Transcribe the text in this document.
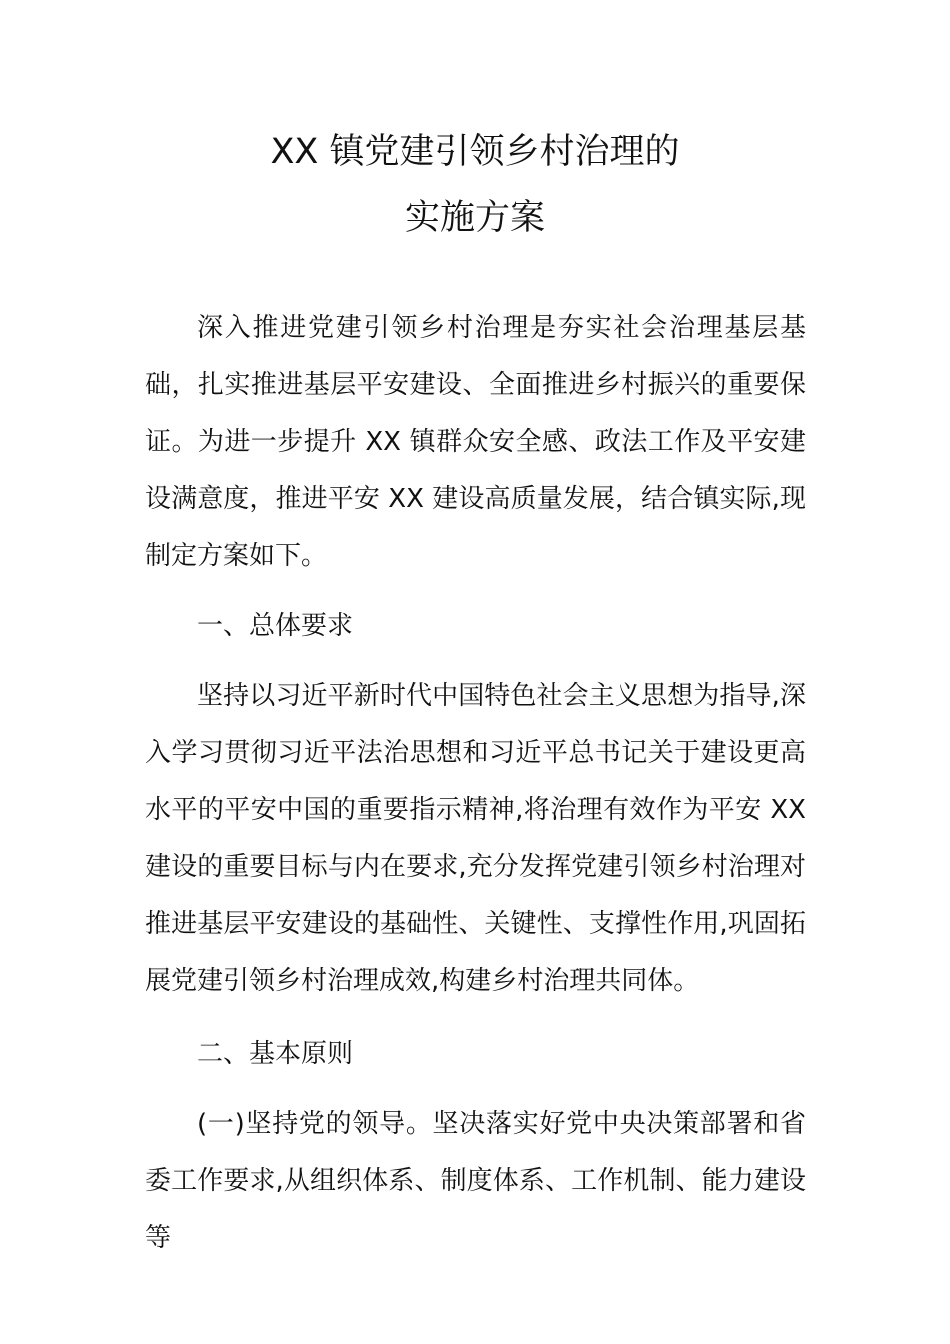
XX 镇党建引领乡村治理的
实施方案

深入推进党建引领乡村治理是夯实社会治理基层基础，扎实推进基层平安建设、全面推进乡村振兴的重要保证。为进一步提升 XX 镇群众安全感、政法工作及平安建设满意度，推进平安 XX 建设高质量发展，结合镇实际,现制定方案如下。

一、总体要求

坚持以习近平新时代中国特色社会主义思想为指导,深入学习贯彻习近平法治思想和习近平总书记关于建设更高水平的平安中国的重要指示精神,将治理有效作为平安 XX 建设的重要目标与内在要求,充分发挥党建引领乡村治理对推进基层平安建设的基础性、关键性、支撑性作用,巩固拓展党建引领乡村治理成效,构建乡村治理共同体。

二、基本原则

(一)坚持党的领导。坚决落实好党中央决策部署和省委工作要求,从组织体系、制度体系、工作机制、能力建设等
